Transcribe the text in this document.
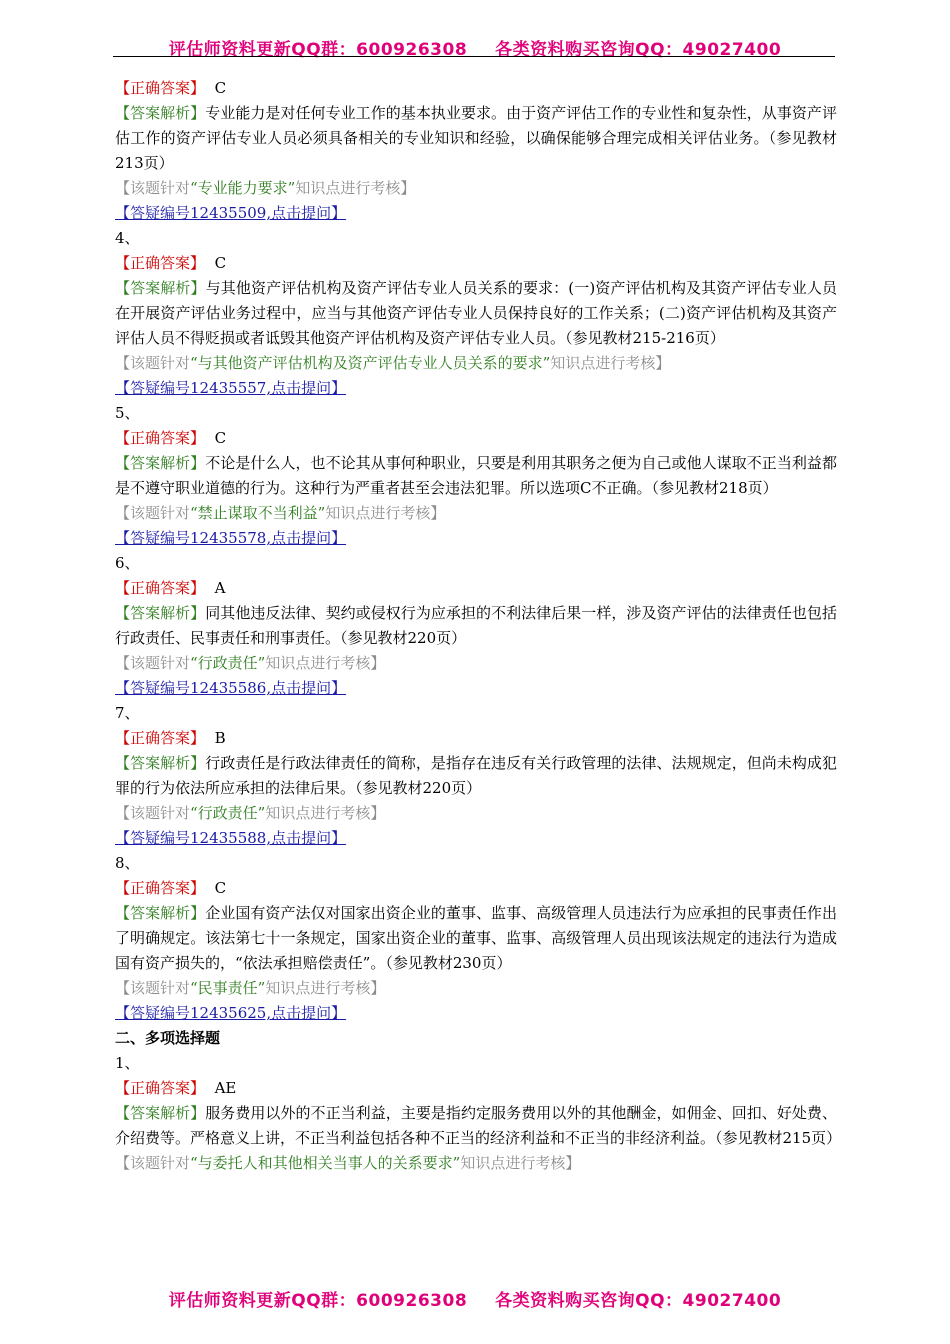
评估师资料更新QQ群：600926308 各类资料购买咨询QQ：49027400
【正确答案】 C
【答案解析】专业能力是对任何专业工作的基本执业要求。由于资产评估工作的专业性和复杂性，从事资产评估工作的资产评估专业人员必须具备相关的专业知识和经验，以确保能够合理完成相关评估业务。（参见教材213页）
【该题针对“专业能力要求”知识点进行考核】
【答疑编号12435509,点击提问】
4、
【正确答案】 C
【答案解析】与其他资产评估机构及资产评估专业人员关系的要求：(一)资产评估机构及其资产评估专业人员在开展资产评估业务过程中，应当与其他资产评估专业人员保持良好的工作关系；(二)资产评估机构及其资产评估人员不得贬损或者诋毁其他资产评估机构及资产评估专业人员。（参见教材215-216页）
【该题针对“与其他资产评估机构及资产评估专业人员关系的要求”知识点进行考核】
【答疑编号12435557,点击提问】
5、
【正确答案】 C
【答案解析】不论是什么人，也不论其从事何种职业，只要是利用其职务之便为自己或他人谋取不正当利益都是不遵守职业道德的行为。这种行为严重者甚至会违法犯罪。所以选项C不正确。（参见教材218页）
【该题针对“禁止谋取不当利益”知识点进行考核】
【答疑编号12435578,点击提问】
6、
【正确答案】 A
【答案解析】同其他违反法律、契约或侵权行为应承担的不利法律后果一样，涉及资产评估的法律责任也包括行政责任、民事责任和刑事责任。（参见教材220页）
【该题针对“行政责任”知识点进行考核】
【答疑编号12435586,点击提问】
7、
【正确答案】 B
【答案解析】行政责任是行政法律责任的简称，是指存在违反有关行政管理的法律、法规规定，但尚未构成犯罪的行为依法所应承担的法律后果。（参见教材220页）
【该题针对“行政责任”知识点进行考核】
【答疑编号12435588,点击提问】
8、
【正确答案】 C
【答案解析】企业国有资产法仅对国家出资企业的董事、监事、高级管理人员违法行为应承担的民事责任作出了明确规定。该法第七十一条规定，国家出资企业的董事、监事、高级管理人员出现该法规定的违法行为造成国有资产损失的，“依法承担赔偿责任”。（参见教材230页）
【该题针对“民事责任”知识点进行考核】
【答疑编号12435625,点击提问】
二、多项选择题
1、
【正确答案】 AE
【答案解析】服务费用以外的不正当利益，主要是指约定服务费用以外的其他酬金，如佣金、回扣、好处费、介绍费等。严格意义上讲，不正当利益包括各种不正当的经济利益和不正当的非经济利益。（参见教材215页）
【该题针对“与委托人和其他相关当事人的关系要求”知识点进行考核】
评估师资料更新QQ群：600926308 各类资料购买咨询QQ：49027400
